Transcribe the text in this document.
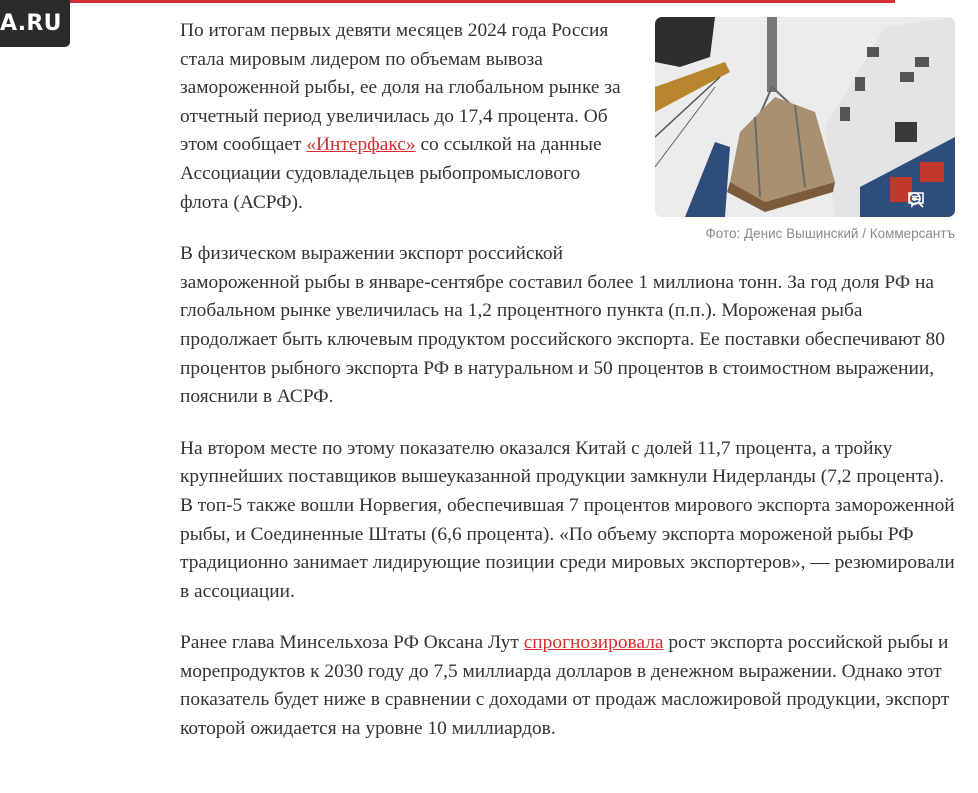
A.RU
Фото: Денис Вышинский / Коммерсантъ

По итогам первых девяти месяцев 2024 года Россия стала мировым лидером по объемам вывоза замороженной рыбы, ее доля на глобальном рынке за отчетный период увеличилась до 17,4 процента. Об этом сообщает «Интерфакс» со ссылкой на данные Ассоциации судовладельцев рыбопромыслового флота (АСРФ).

В физическом выражении экспорт российской замороженной рыбы в январе-сентябре составил более 1 миллиона тонн. За год доля РФ на глобальном рынке увеличилась на 1,2 процентного пункта (п.п.). Мороженая рыба продолжает быть ключевым продуктом российского экспорта. Ее поставки обеспечивают 80 процентов рыбного экспорта РФ в натуральном и 50 процентов в стоимостном выражении, пояснили в АСРФ.

На втором месте по этому показателю оказался Китай с долей 11,7 процента, а тройку крупнейших поставщиков вышеуказанной продукции замкнули Нидерланды (7,2 процента). В топ-5 также вошли Норвегия, обеспечившая 7 процентов мирового экспорта замороженной рыбы, и Соединенные Штаты (6,6 процента). «По объему экспорта мороженой рыбы РФ традиционно занимает лидирующие позиции среди мировых экспортеров», — резюмировали в ассоциации.

Ранее глава Минсельхоза РФ Оксана Лут спрогнозировала рост экспорта российской рыбы и морепродуктов к 2030 году до 7,5 миллиарда долларов в денежном выражении. Однако этот показатель будет ниже в сравнении с доходами от продаж масложировой продукции, экспорт которой ожидается на уровне 10 миллиардов.
